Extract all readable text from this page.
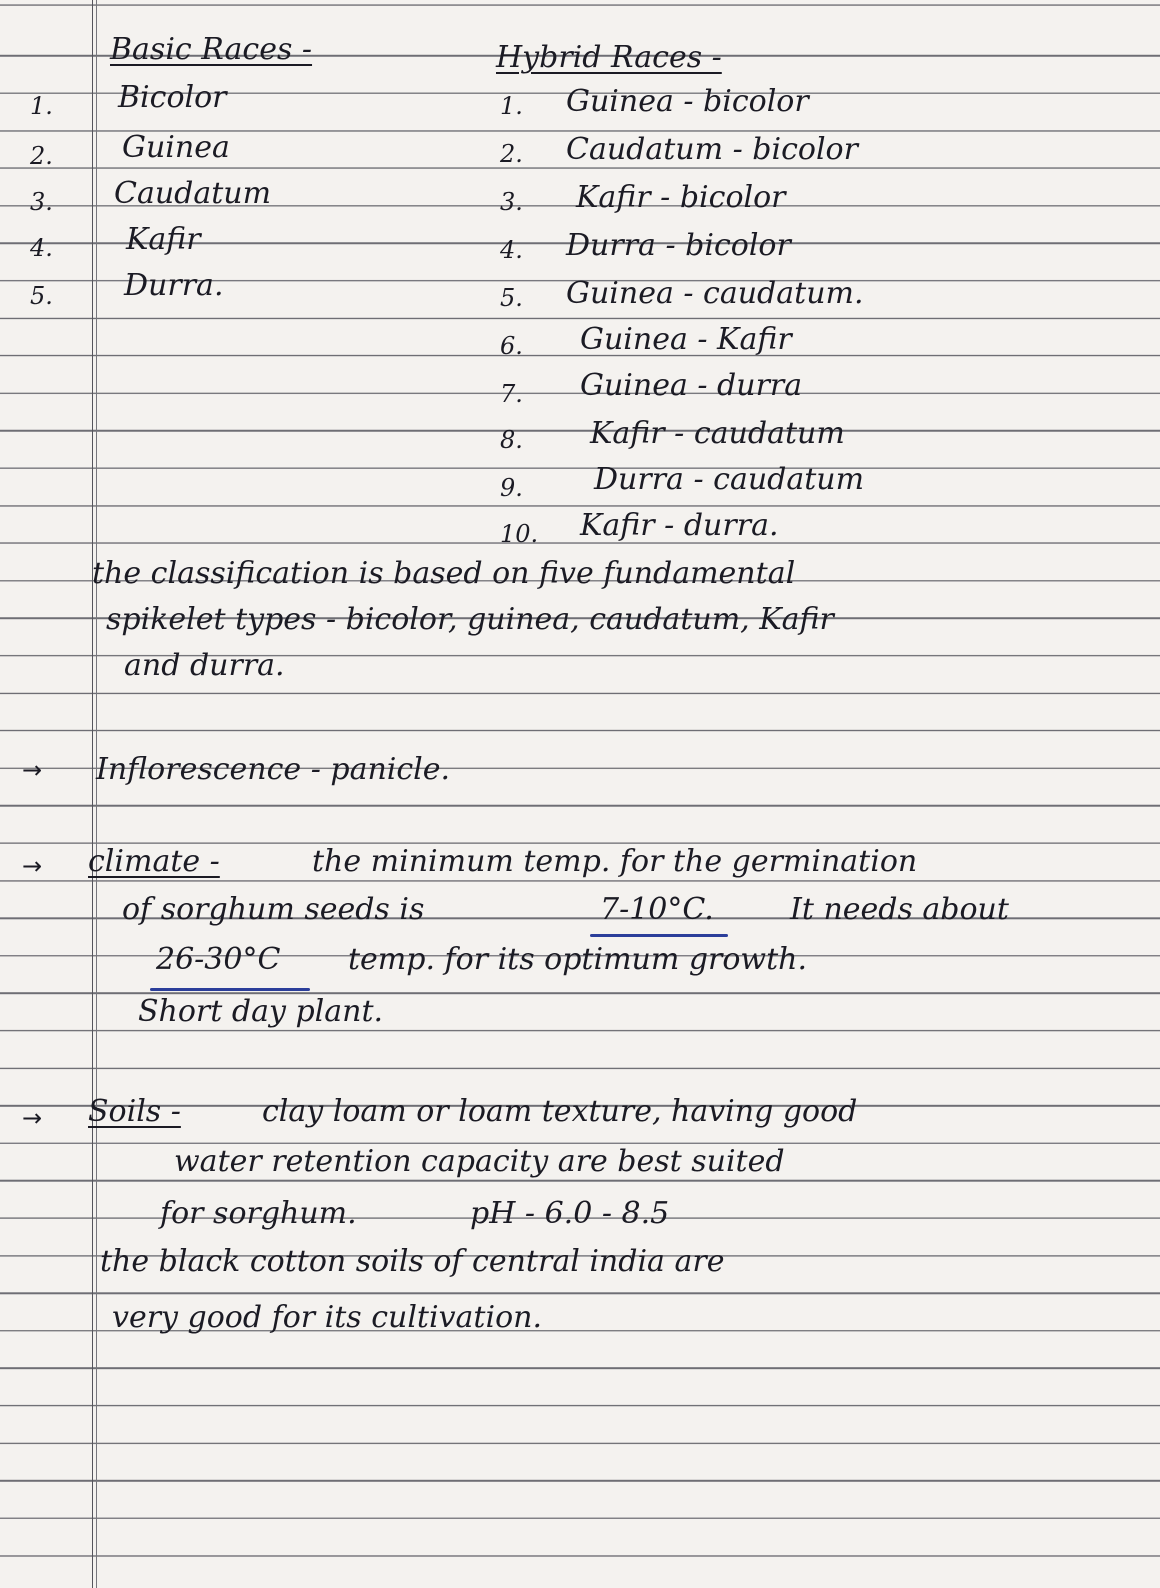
Basic Races -
1. Bicolor
2. Guinea
3. Caudatum
4. Kafir
5. Durra.
Hybrid Races -
1. Guinea - bicolor
2. Caudatum - bicolor
3. Kafir - bicolor
4. Durra - bicolor
5. Guinea - caudatum.
6. Guinea - Kafir
7. Guinea - durra
8. Kafir - caudatum
9. Durra - caudatum
10. Kafir - durra.
the classification is based on five fundamental
spikelet types - bicolor, guinea, caudatum, Kafir
and durra.
→ Inflorescence - panicle.
→ climate -	the minimum temp. for the germination
of sorghum seeds is	7-10°C.	It needs about
26-30°C temp. for its optimum growth.
Short day plant.
→ Soils -	clay loam or loam texture, having good
water retention capacity are best suited
for sorghum.	pH - 6.0 - 8.5
the black cotton soils of central india are
very good for its cultivation.
